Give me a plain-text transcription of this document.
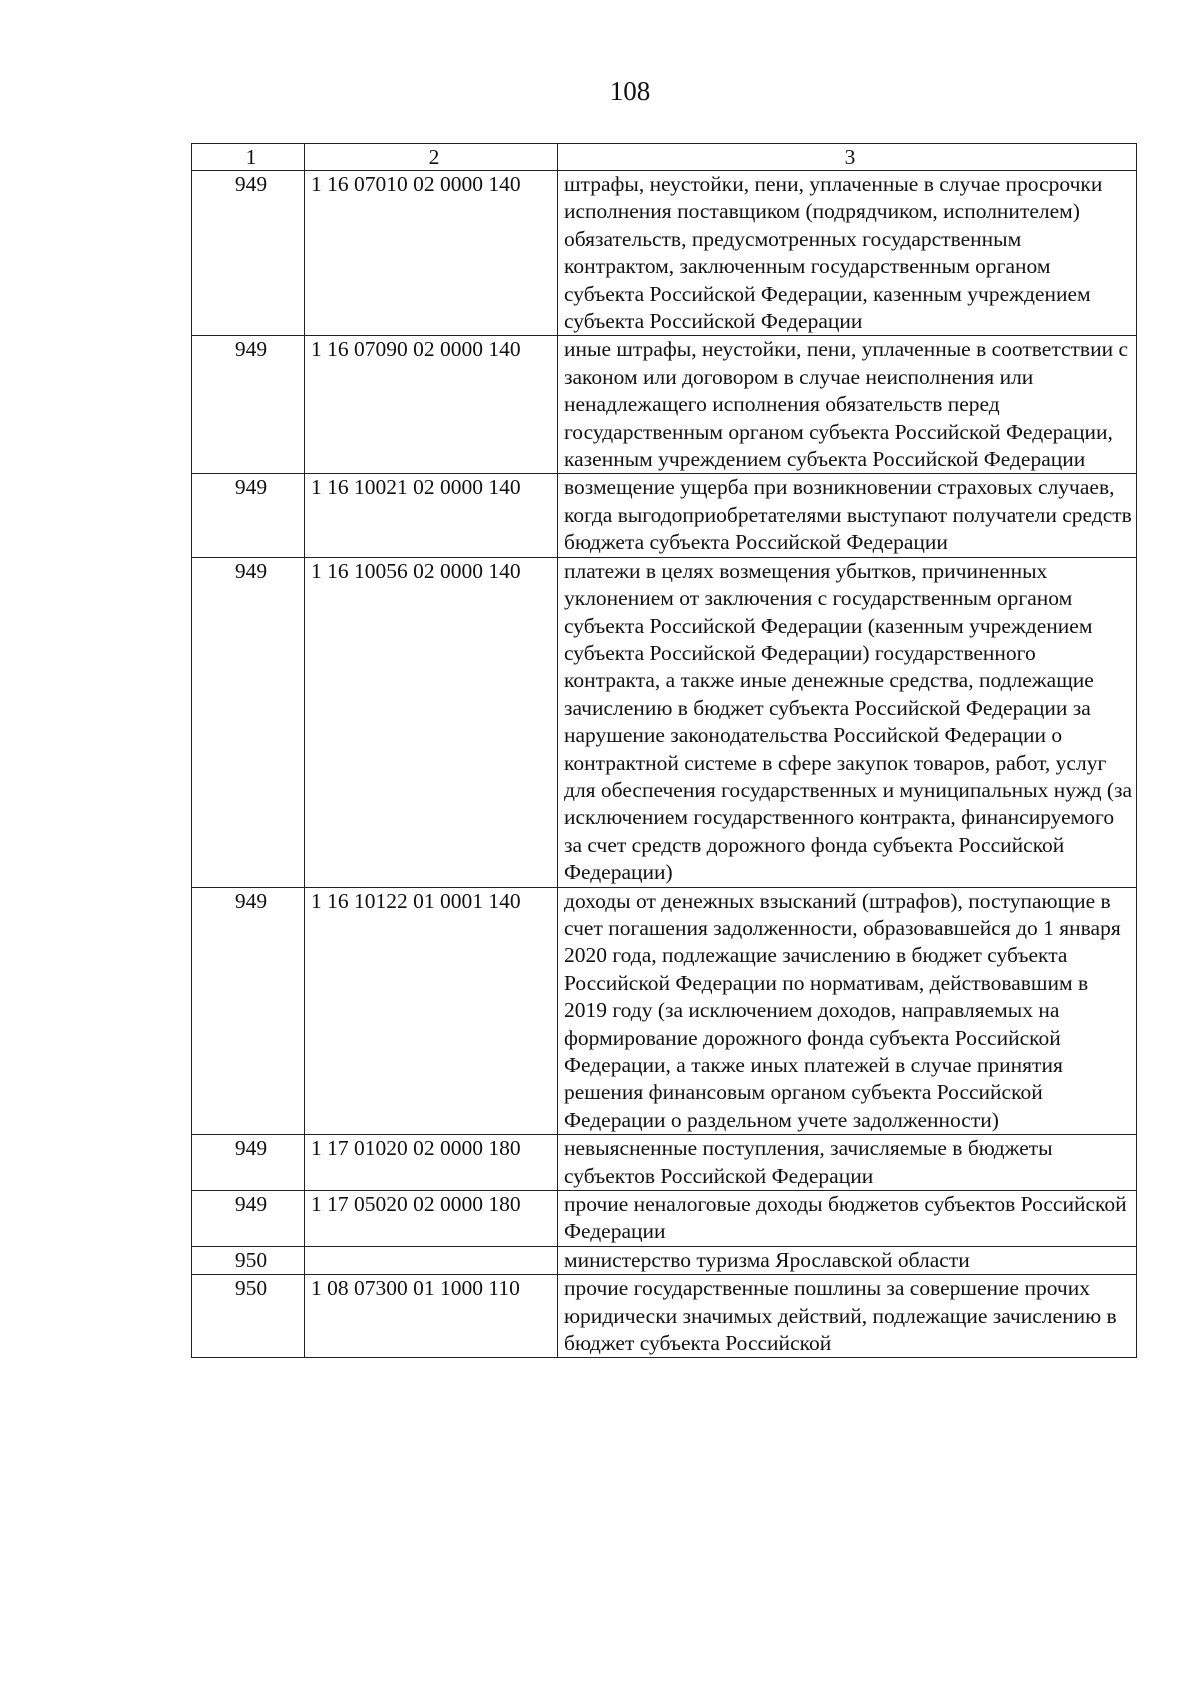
108
1	2	3
949	1 16 07010 02 0000 140	штрафы, неустойки, пени, уплаченные в случае просрочки исполнения поставщиком (подрядчиком, исполнителем) обязательств, предусмотренных государственным контрактом, заключенным государственным органом субъекта Российской Федерации, казенным учреждением субъекта Российской Федерации
949	1 16 07090 02 0000 140	иные штрафы, неустойки, пени, уплаченные в соответствии с законом или договором в случае неисполнения или ненадлежащего исполнения обязательств перед государственным органом субъекта Российской Федерации, казенным учреждением субъекта Российской Федерации
949	1 16 10021 02 0000 140	возмещение ущерба при возникновении страховых случаев, когда выгодоприобретателями выступают получатели средств бюджета субъекта Российской Федерации
949	1 16 10056 02 0000 140	платежи в целях возмещения убытков, причиненных уклонением от заключения с государственным органом субъекта Российской Федерации (казенным учреждением субъекта Российской Федерации) государственного контракта, а также иные денежные средства, подлежащие зачислению в бюджет субъекта Российской Федерации за нарушение законодательства Российской Федерации о контрактной системе в сфере закупок товаров, работ, услуг для обеспечения государственных и муниципальных нужд (за исключением государственного контракта, финансируемого за счет средств дорожного фонда субъекта Российской Федерации)
949	1 16 10122 01 0001 140	доходы от денежных взысканий (штрафов), поступающие в счет погашения задолженности, образовавшейся до 1 января 2020 года, подлежащие зачислению в бюджет субъекта Российской Федерации по нормативам, действовавшим в 2019 году (за исключением доходов, направляемых на формирование дорожного фонда субъекта Российской Федерации, а также иных платежей в случае принятия решения финансовым органом субъекта Российской Федерации о раздельном учете задолженности)
949	1 17 01020 02 0000 180	невыясненные поступления, зачисляемые в бюджеты субъектов Российской Федерации
949	1 17 05020 02 0000 180	прочие неналоговые доходы бюджетов субъектов Российской Федерации
950		министерство туризма Ярославской области
950	1 08 07300 01 1000 110	прочие государственные пошлины за совершение прочих юридически значимых действий, подлежащие зачислению в бюджет субъекта Российской
